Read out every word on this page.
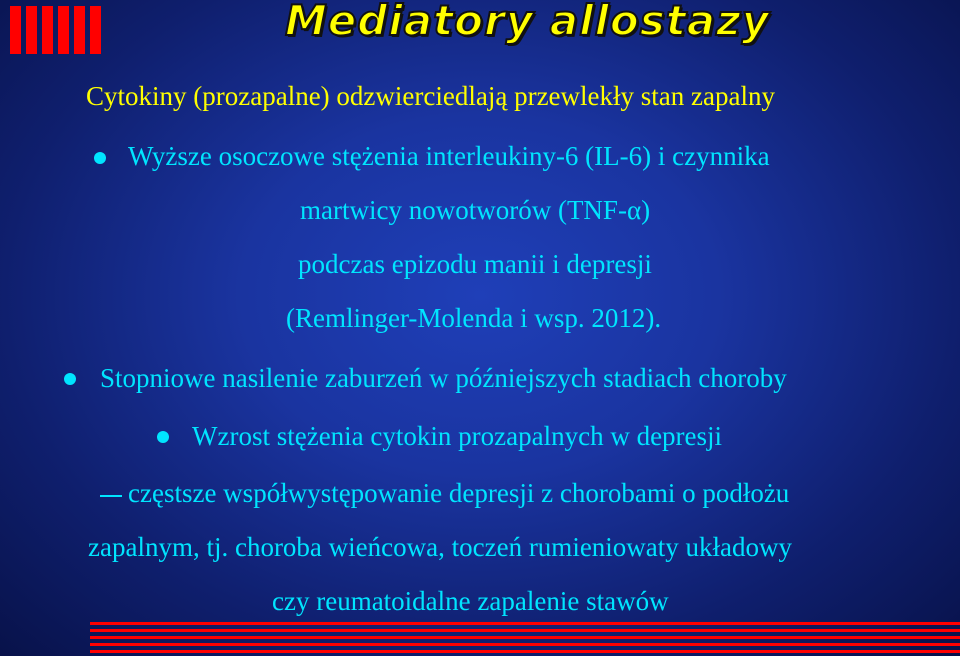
Mediatory allostazy
Cytokiny (prozapalne) odzwierciedlają przewlekły stan zapalny
Wyższe osoczowe stężenia interleukiny-6 (IL-6) i czynnika
martwicy nowotworów (TNF-α)
podczas epizodu manii i depresji
(Remlinger-Molenda i wsp. 2012).
Stopniowe nasilenie zaburzeń w późniejszych stadiach choroby
Wzrost stężenia cytokin prozapalnych w depresji
częstsze współwystępowanie depresji z chorobami o podłożu
zapalnym, tj. choroba wieńcowa, toczeń rumieniowaty układowy
czy reumatoidalne zapalenie stawów
